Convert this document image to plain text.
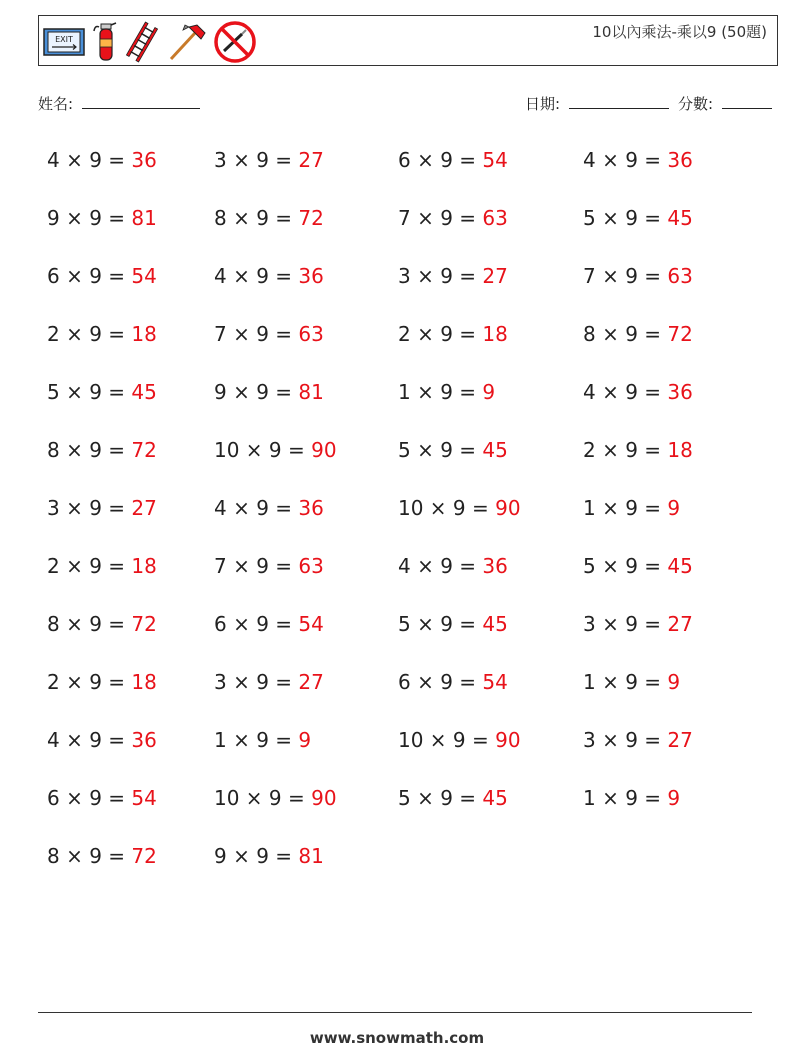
EXIT	10以內乘法-乘以9 (50題)
姓名:	日期:	分數:
4 × 9 = 36	3 × 9 = 27	6 × 9 = 54	4 × 9 = 36
9 × 9 = 81	8 × 9 = 72	7 × 9 = 63	5 × 9 = 45
6 × 9 = 54	4 × 9 = 36	3 × 9 = 27	7 × 9 = 63
2 × 9 = 18	7 × 9 = 63	2 × 9 = 18	8 × 9 = 72
5 × 9 = 45	9 × 9 = 81	1 × 9 = 9	4 × 9 = 36
8 × 9 = 72	10 × 9 = 90	5 × 9 = 45	2 × 9 = 18
3 × 9 = 27	4 × 9 = 36	10 × 9 = 90	1 × 9 = 9
2 × 9 = 18	7 × 9 = 63	4 × 9 = 36	5 × 9 = 45
8 × 9 = 72	6 × 9 = 54	5 × 9 = 45	3 × 9 = 27
2 × 9 = 18	3 × 9 = 27	6 × 9 = 54	1 × 9 = 9
4 × 9 = 36	1 × 9 = 9	10 × 9 = 90	3 × 9 = 27
6 × 9 = 54	10 × 9 = 90	5 × 9 = 45	1 × 9 = 9
8 × 9 = 72	9 × 9 = 81
www.snowmath.com
